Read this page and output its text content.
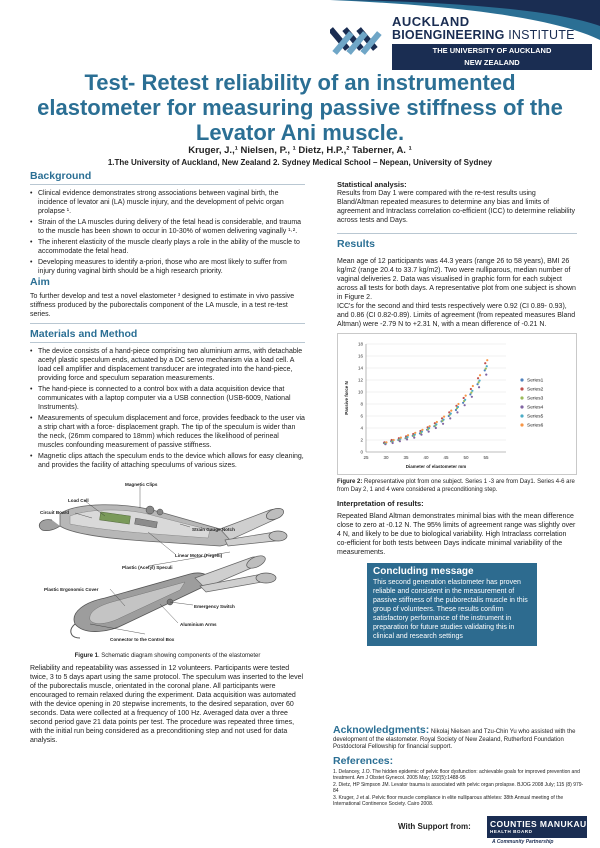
AUCKLAND
BIOENGINEERING INSTITUTE
THE UNIVERSITY OF AUCKLAND
NEW ZEALAND
Test- Retest reliability of an instrumented elastometer for measuring passive stiffness of the Levator Ani muscle.
Kruger, J.,¹ Nielsen, P., ¹ Dietz, H.P.,² Taberner, A. ¹
1.The University of Auckland, New Zealand 2. Sydney Medical School – Nepean, University of Sydney
Background
• Clinical evidence demonstrates strong associations between vaginal birth, the incidence of levator ani (LA) muscle injury, and the development of pelvic organ prolapse ¹.
• Strain of the LA muscles during delivery of the fetal head is considerable, and trauma to the muscle has been shown to occur in 10-30% of women delivering vaginally ¹·².
• The inherent elasticity of the muscle clearly plays a role in the ability of the muscle to accommodate the fetal head.
• Developing measures to identify a-priori, those who are most likely to suffer from injury during vaginal birth should be a high research priority.
Aim

To further develop and test a novel elastometer ³ designed to estimate in vivo passive stiffness produced by the puborectalis component of the LA muscle, in a test re-test series.

Materials and Method
• The device consists of a hand-piece comprising two aluminium arms, with detachable acetyl plastic speculum ends, actuated by a DC servo mechanism via a load cell. A load cell amplifier and displacement transducer are integrated into the hand-piece, providing force and speculum separation measurements.
• The hand-piece is connected to a control box with a data acquisition device that communicates with a laptop computer via a USB connection (USB-6009, National Instruments).
• Measurements of speculum displacement and force, provides feedback to the user via a strip chart with a force- displacement graph. The tip of the speculum is wider than the neck, (26mm compared to 18mm) which reduces the likelihood of perineal muscles confounding measurement of passive stiffness.
• Magnetic clips attach the speculum ends to the device which allows for easy cleaning, and provides the facility of attaching speculums of various sizes.
Magnetic Clips
Load Cell
Circuit Board
Strain Gauge Notch
Linear Motor (Firgelli)
Plastic (Acetyl) Speculi
Plastic Ergonomic Cover
Emergency Switch
Aluminium Arms
Connector to the Control Box
Figure 1. Schematic diagram showing components of the elastometer

Reliability and repeatability was assessed in 12 volunteers. Participants were tested twice, 3 to 5 days apart using the same protocol. The speculum was inserted to the level of the puborectalis muscle, orientated in the coronal plane. All participants were encouraged to remain relaxed during the experiment. Data acquisition was automated with the device opening in 20 stepwise increments, to the desired separation, over 60 seconds. Data were collected at a frequency of 100 Hz. Averaged data over a three second period gave 21 data points per test. The procedure was repeated three times, with the initial run being considered as a preconditioning step and not used for data analysis.

Statistical analysis:

Results from Day 1 were compared with the re-test results using Bland/Altman repeated measures to determine any bias and limits of agreement and Intraclass correlation co-efficient (ICC) to determine reliability across tests and Days.

Results

Mean age of 12 participants was 44.3 years (range 26 to 58 years), BMI 26 kg/m2 (range 20.4 to 33.7 kg/m2). Two were nulliparous, median number of vaginal deliveries 2. Data was visualised in graphic form for each subject across all tests for both days. A representative plot from one subject is shown in Figure 2.

ICC's for the second and third tests respectively were 0.92 (CI 0.89- 0.93), and 0.86 (CI 0.82-0.89). Limits of agreement (from repeated measures Bland Altman) were -2.79 N to +2.31 N, with a mean difference of -0.21 N.

0
2
4
6
8
10
12
14
16
18
25	30	35	40	45	50	55
Diameter of elastometer mm
Passive force N
Series1
Series2
Series3
Series4
Series5
Series6
Figure 2: Representative plot from one subject. Series 1 -3 are from Day1. Series 4-6 are from Day 2, 1 and 4 were considered a preconditioning step.
Interpretation of results:

Repeated Bland Altman demonstrates minimal bias with the mean difference close to zero at -0.12 N. The 95% limits of agreement range was slightly over 4 N, and likely to be due to biological variability. High Intraclass correlation co-efficient for both tests between Days indicate minimal variability of the measurements.

Concluding message

This second generation elastometer has proven reliable and consistent in the measurement of passive stiffness of the puborectalis muscle in this group of volunteers. These results confirm satisfactory performance of the instrument in preparation for future studies validating this in clinical and research settings

Acknowledgments: Nikolaj Nielsen and Tzu-Chin Yu who assisted with the development of the elastometer. Royal Society of New Zealand, Rutherford Foundation Postdoctoral Fellowship for financial support.
References:
1. Delancey, J.O. The hidden epidemic of pelvic floor dysfunction: achievable goals for improved prevention and treatment. Am J Obstet Gynecol. 2005 May; 192(5):1488-95
2. Dietz, HP Simpson JM. Levator trauma is associated with pelvic organ prolapse. BJOG 2008 July; 115 (8) 979-84
3. Kruger, J et al. Pelvic floor muscle compliance in elite nulliparous athletes: 38th Annual meeting of the International Continence Society. Cairo 2008.
With Support from: COUNTIES MANUKAU
HEALTH BOARD
A Community Partnership
